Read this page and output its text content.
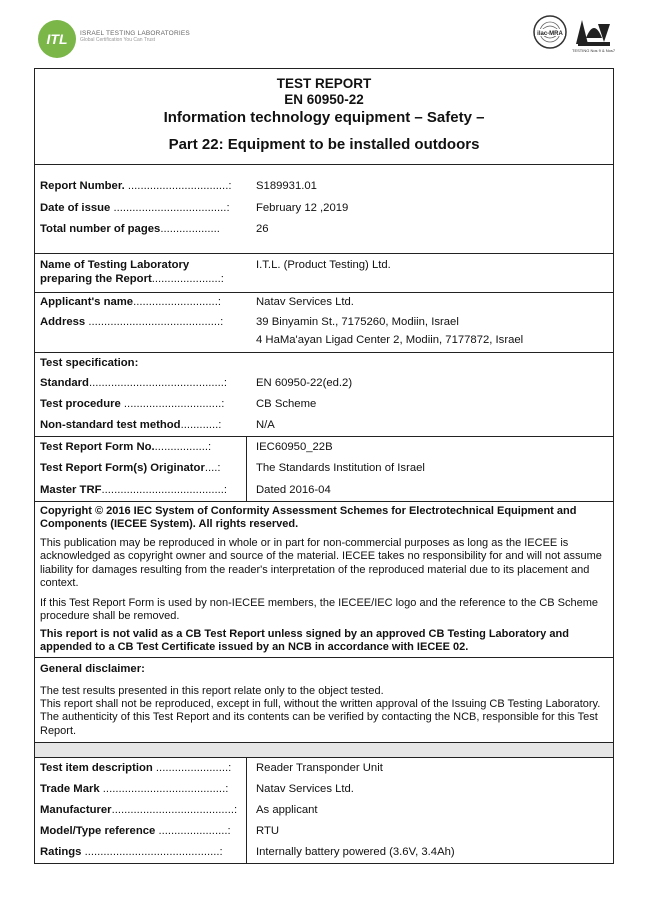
ITL ISRAEL TESTING LABORATORIES
Global Certification You Can Trust
ilac-MRA
TESTING Nos 9 & Nos7
TEST REPORT
EN 60950-22
Information technology equipment – Safety –
Part 22: Equipment to be installed outdoors
Report Number. ................................: S189931.01
Date of issue ....................................: February 12 ,2019
Total number of pages...................	26
Name of Testing Laboratory
preparing the Report......................:
I.T.L. (Product Testing) Ltd.
Applicant's name...........................:	Natav Services Ltd.
Address ..........................................:	39 Binyamin St., 7175260, Modiin, Israel
4 HaMa'ayan Ligad Center 2, Modiin, 7177872, Israel
Test specification:
Standard...........................................:	EN 60950-22(ed.2)
Test procedure ...............................:	CB Scheme
Non-standard test method............:	N/A
Test Report Form No..................:	IEC60950_22B
Test Report Form(s) Originator....:	The Standards Institution of Israel
Master TRF.......................................:	Dated 2016-04
Copyright © 2016 IEC System of Conformity Assessment Schemes for Electrotechnical Equipment and Components (IECEE System). All rights reserved.
This publication may be reproduced in whole or in part for non-commercial purposes as long as the IECEE is acknowledged as copyright owner and source of the material. IECEE takes no responsibility for and will not assume liability for damages resulting from the reader's interpretation of the reproduced material due to its placement and context.
If this Test Report Form is used by non-IECEE members, the IECEE/IEC logo and the reference to the CB Scheme procedure shall be removed.
This report is not valid as a CB Test Report unless signed by an approved CB Testing Laboratory and appended to a CB Test Certificate issued by an NCB in accordance with IECEE 02.
General disclaimer:
The test results presented in this report relate only to the object tested.
This report shall not be reproduced, except in full, without the written approval of the Issuing CB Testing Laboratory. The authenticity of this Test Report and its contents can be verified by contacting the NCB, responsible for this Test Report.
Test item description .......................: Reader Transponder Unit
Trade Mark .......................................: Natav Services Ltd.
Manufacturer.......................................: As applicant
Model/Type reference ......................: RTU
Ratings ...........................................:	Internally battery powered (3.6V, 3.4Ah)
